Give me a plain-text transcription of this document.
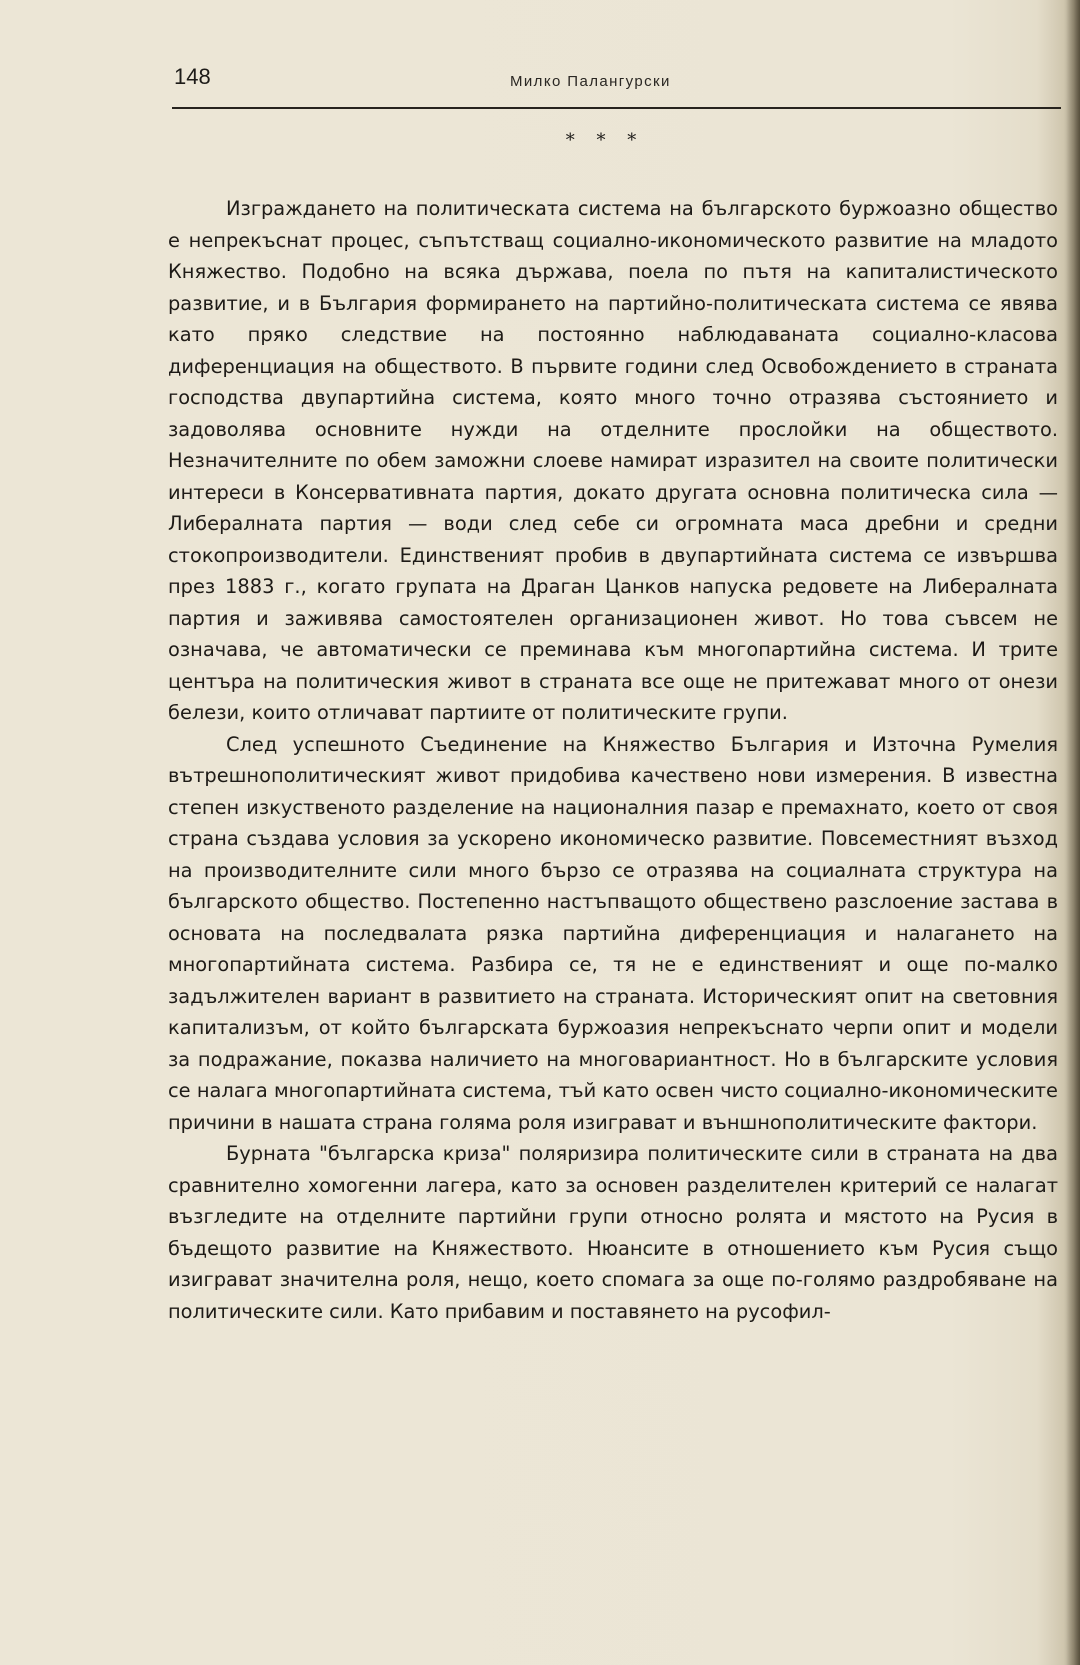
148	Милко Палангурски
* * *

Изграждането на политическата система на българското буржоазно общество е непрекъснат процес, съпътстващ социално-икономическото развитие на младото Княжество. Подобно на всяка държава, поела по пътя на капиталистическото развитие, и в България формирането на партийно-политическата система се явява като пряко следствие на постоянно наблюдаваната социално-класова диференциация на обществото. В първите години след Освобождението в страната господства двупартийна система, която много точно отразява състоянието и задоволява основните нужди на отделните прослойки на обществото. Незначителните по обем заможни слоеве намират изразител на своите политически интереси в Консервативната партия, докато другата основна политическа сила — Либералната партия — води след себе си огромната маса дребни и средни стокопроизводители. Единственият пробив в двупартийната система се извършва през 1883 г., когато групата на Драган Цанков напуска редовете на Либералната партия и заживява самостоятелен организационен живот. Но това съвсем не означава, че автоматически се преминава към многопартийна система. И трите центъра на политическия живот в страната все още не притежават много от онези белези, които отличават партиите от политическите групи.

След успешното Съединение на Княжество България и Източна Румелия вътрешнополитическият живот придобива качествено нови измерения. В известна степен изкуственото разделение на националния пазар е премахнато, което от своя страна създава условия за ускорено икономическо развитие. Повсеместният възход на производителните сили много бързо се отразява на социалната структура на българското общество. Постепенно настъпващото обществено разслоение застава в основата на последвалата рязка партийна диференциация и налагането на многопартийната система. Разбира се, тя не е единственият и още по-малко задължителен вариант в развитието на страната. Историческият опит на световния капитализъм, от който българската буржоазия непрекъснато черпи опит и модели за подражание, показва наличието на многовариантност. Но в българските условия се налага многопартийната система, тъй като освен чисто социално-икономическите причини в нашата страна голяма роля изиграват и външнополитическите фактори.

Бурната "българска криза" поляризира политическите сили в страната на два сравнително хомогенни лагера, като за основен разделителен критерий се налагат възгледите на отделните партийни групи относно ролята и мястото на Русия в бъдещото развитие на Княжеството. Нюансите в отношението към Русия също изиграват значителна роля, нещо, което спомага за още по-голямо раздробяване на политическите сили. Като прибавим и поставянето на русофил-
